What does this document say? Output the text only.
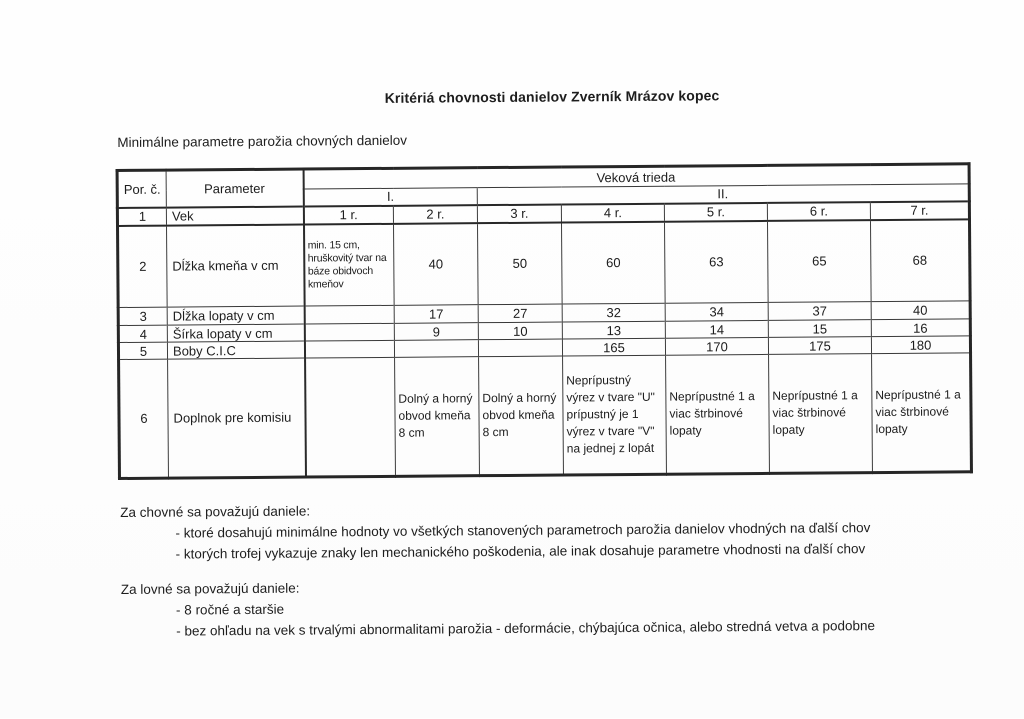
Kritériá chovnosti danielov Zverník Mrázov kopec
Minimálne parametre parožia chovných danielov
Por. č.	Parameter	Veková trieda						
		I.		II.				
1	Vek	1 r.	2 r.	3 r.	4 r.	5 r.	6 r.	7 r.
2	Dĺžka kmeňa v cm	min. 15 cm, hruškovitý tvar na báze obidvoch kmeňov	40	50	60	63	65	68
3	Dĺžka lopaty v cm		17	27	32	34	37	40
4	Šírka lopaty v cm		9	10	13	14	15	16
5	Boby C.I.C				165	170	175	180
6	Doplnok pre komisiu		Dolný a horný obvod kmeňa 8 cm	Dolný a horný obvod kmeňa 8 cm	Neprípustný výrez v tvare "U" prípustný je 1 výrez v tvare "V" na jednej z lopát	Neprípustné 1 a viac štrbinové lopaty	Neprípustné 1 a viac štrbinové lopaty	Neprípustné 1 a viac štrbinové lopaty
Za chovné sa považujú daniele:
- ktoré dosahujú minimálne hodnoty vo všetkých stanovených parametroch parožia danielov vhodných na ďalší chov
- ktorých trofej vykazuje znaky len mechanického poškodenia, ale inak dosahuje parametre vhodnosti na ďalší chov
Za lovné sa považujú daniele:
- 8 ročné a staršie
- bez ohľadu na vek s trvalými abnormalitami parožia - deformácie, chýbajúca očnica, alebo stredná vetva a podobne
